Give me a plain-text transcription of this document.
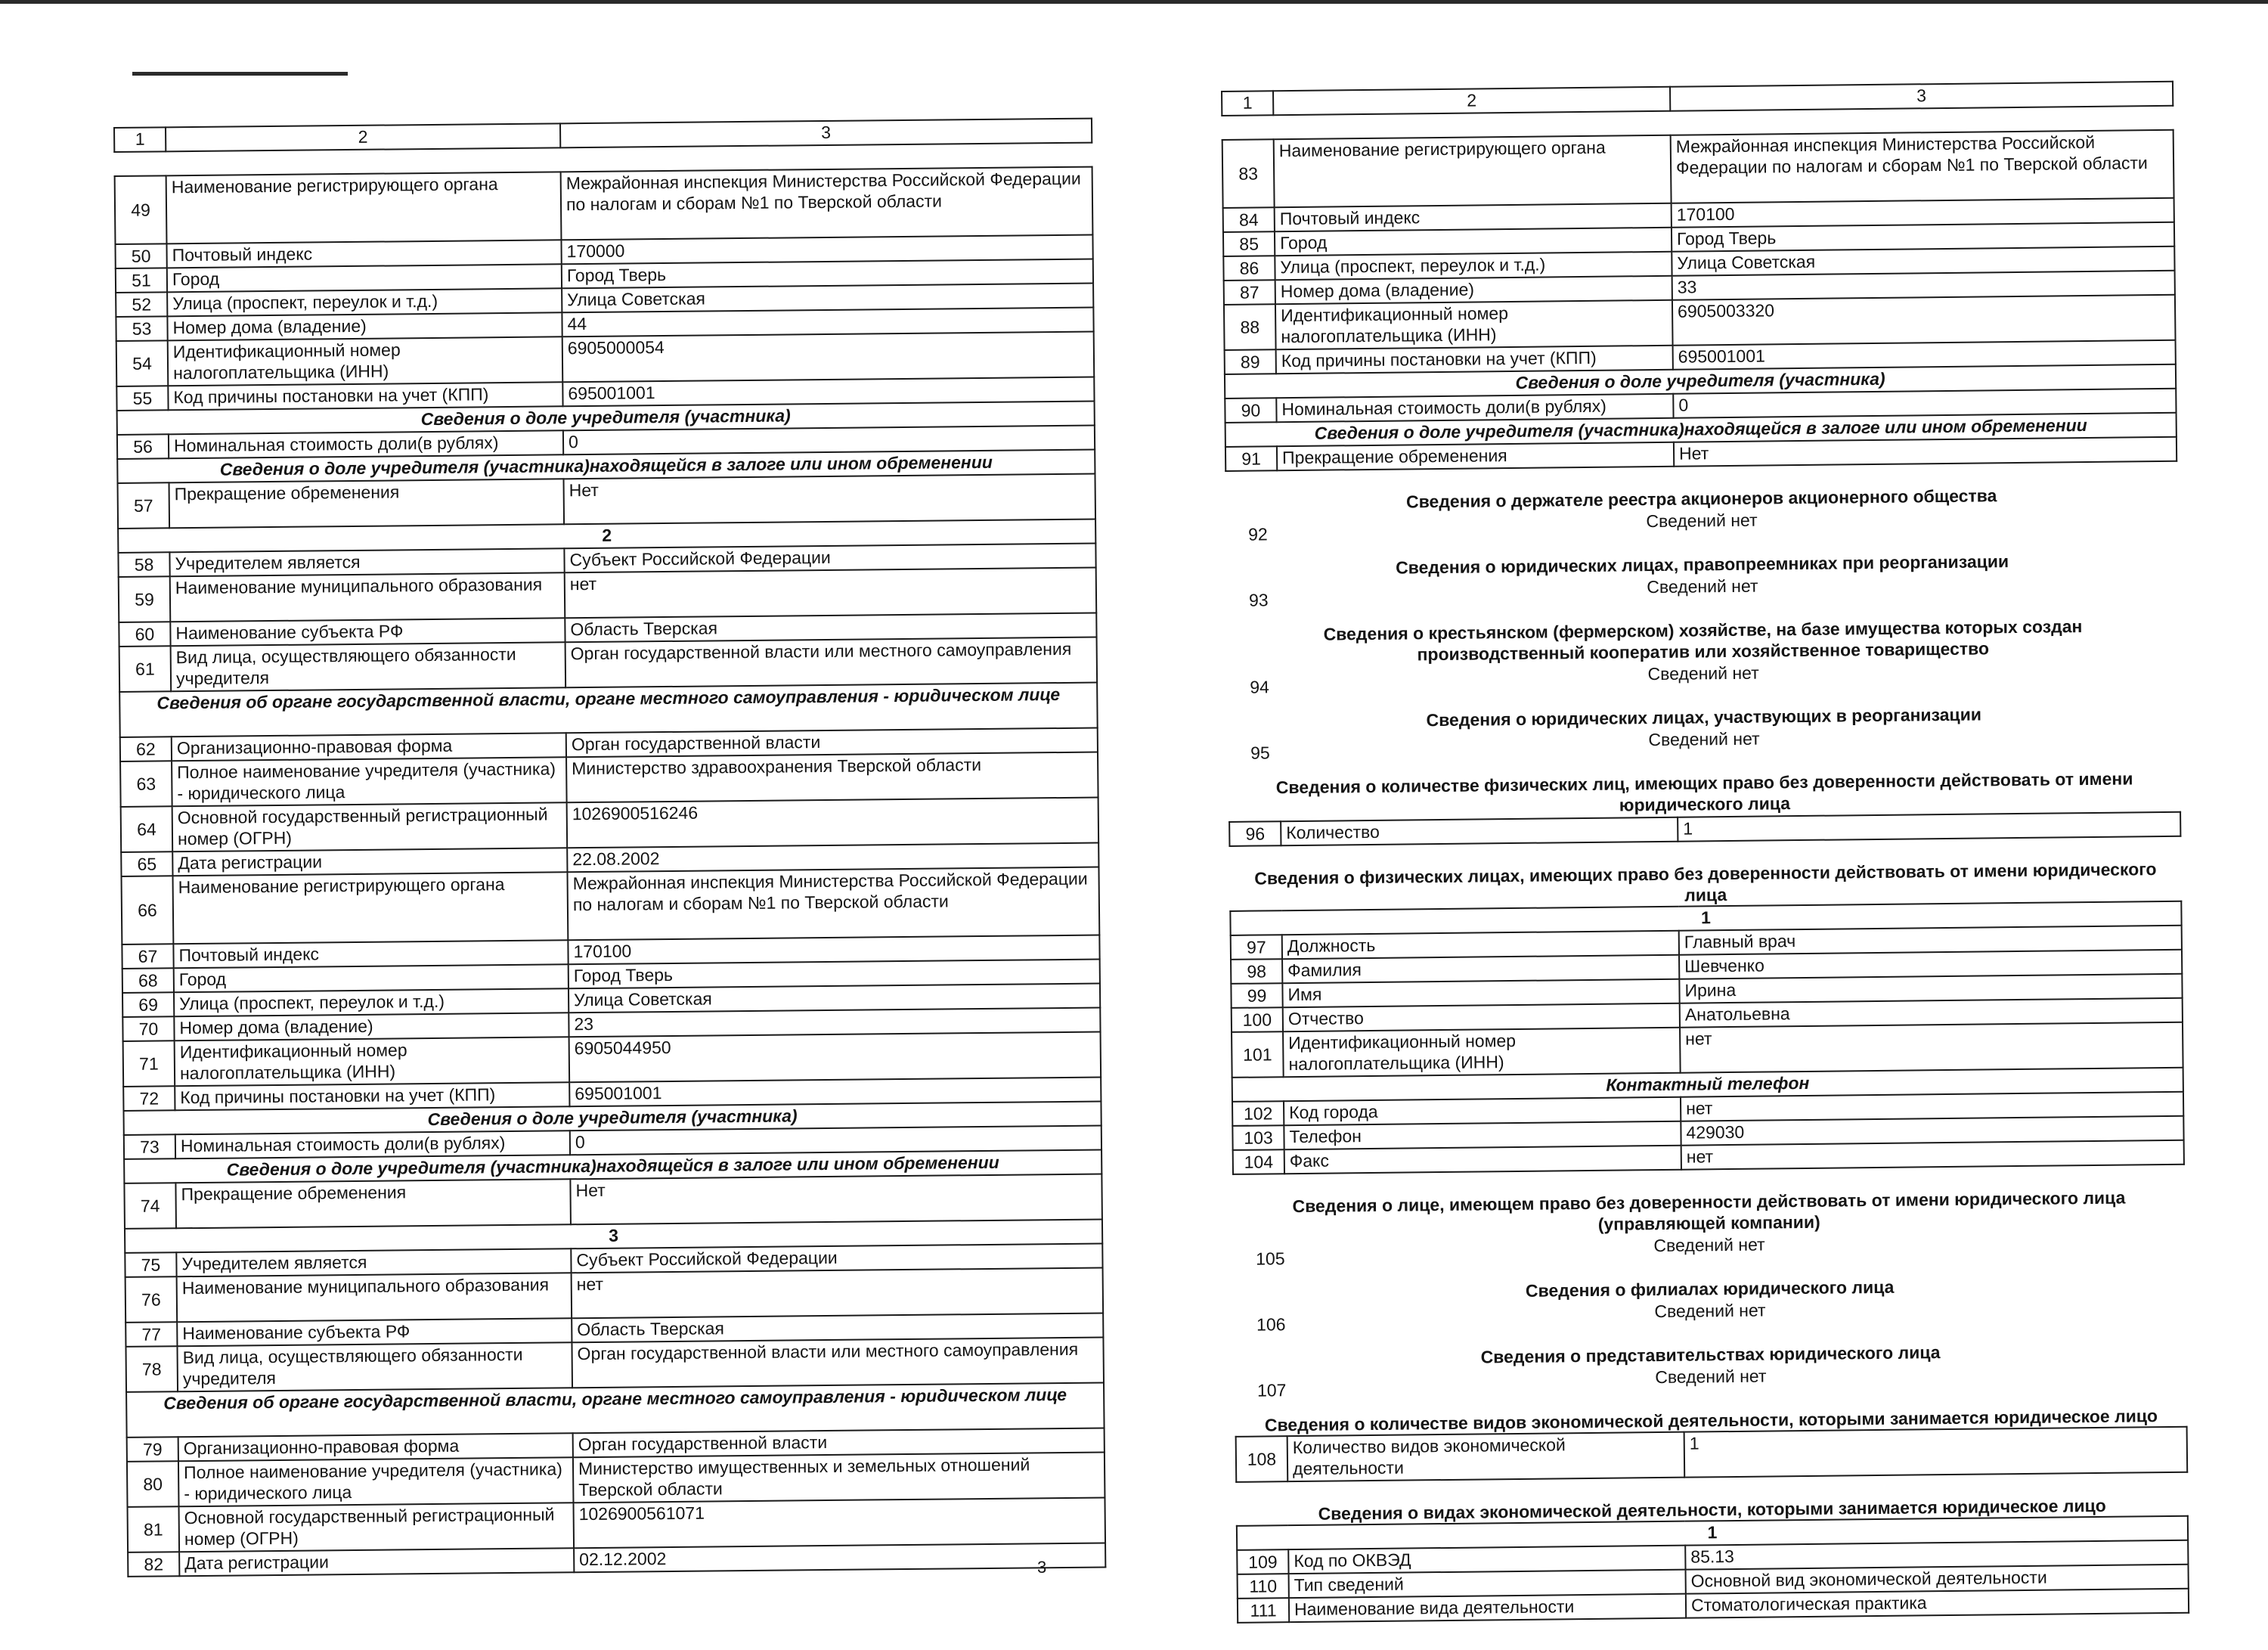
1	2	3
49	Наименование регистрирующего органа	Межрайонная инспекция Министерства Российской Федерации по налогам и сборам №1 по Тверской области
50	Почтовый индекс	170000
51	Город	Город Тверь
52	Улица (проспект, переулок и т.д.)	Улица Советская
53	Номер дома (владение)	44
54	Идентификационный номер налогоплательщика (ИНН)	6905000054
55	Код причины постановки на учет (КПП)	695001001
Сведения о доле учредителя (участника)		
56	Номинальная стоимость доли(в рублях)	0
Сведения о доле учредителя (участника)находящейся в залоге или ином обременении		
57	Прекращение обременения	Нет
2		
58	Учредителем является	Субъект Российской Федерации
59	Наименование муниципального образования	нет
60	Наименование субъекта РФ	Область Тверская
61	Вид лица, осуществляющего обязанности учредителя	Орган государственной власти или местного самоуправления
Сведения об органе государственной власти, органе местного самоуправления - юридическом лице		
62	Организационно-правовая форма	Орган государственной власти
63	Полное наименование учредителя (участника) - юридического лица	Министерство здравоохранения Тверской области
64	Основной государственный регистрационный номер (ОГРН)	1026900516246
65	Дата регистрации	22.08.2002
66	Наименование регистрирующего органа	Межрайонная инспекция Министерства Российской Федерации по налогам и сборам №1 по Тверской области
67	Почтовый индекс	170100
68	Город	Город Тверь
69	Улица (проспект, переулок и т.д.)	Улица Советская
70	Номер дома (владение)	23
71	Идентификационный номер налогоплательщика (ИНН)	6905044950
72	Код причины постановки на учет (КПП)	695001001
Сведения о доле учредителя (участника)		
73	Номинальная стоимость доли(в рублях)	0
Сведения о доле учредителя (участника)находящейся в залоге или ином обременении		
74	Прекращение обременения	Нет
3		
75	Учредителем является	Субъект Российской Федерации
76	Наименование муниципального образования	нет
77	Наименование субъекта РФ	Область Тверская
78	Вид лица, осуществляющего обязанности учредителя	Орган государственной власти или местного самоуправления
Сведения об органе государственной власти, органе местного самоуправления - юридическом лице		
79	Организационно-правовая форма	Орган государственной власти
80	Полное наименование учредителя (участника) - юридического лица	Министерство имущественных и земельных отношений Тверской области
81	Основной государственный регистрационный номер (ОГРН)	1026900561071
82	Дата регистрации	02.12.2002	3
1	2	3
83	Наименование регистрирующего органа	Межрайонная инспекция Министерства Российской Федерации по налогам и сборам №1 по Тверской области
84	Почтовый индекс	170100
85	Город	Город Тверь
86	Улица (проспект, переулок и т.д.)	Улица Советская
87	Номер дома (владение)	33
88	Идентификационный номер налогоплательщика (ИНН)	6905003320
89	Код причины постановки на учет (КПП)	695001001
Сведения о доле учредителя (участника)		
90	Номинальная стоимость доли(в рублях)	0
Сведения о доле учредителя (участника)находящейся в залоге или ином обременении		
91	Прекращение обременения	Нет
Сведения о держателе реестра акционеров акционерного общества
92
Сведений нет
Сведения о юридических лицах, правопреемниках при реорганизации
93
Сведений нет
Сведения о крестьянском (фермерском) хозяйстве, на базе имущества которых создан производственный кооператив или хозяйственное товарищество
94
Сведений нет
Сведения о юридических лицах, участвующих в реорганизации
95
Сведений нет
Сведения о количестве физических лиц, имеющих право без доверенности действовать от имени юридического лица
96	Количество	1
Сведения о физических лицах, имеющих право без доверенности действовать от имени юридического лица
1		
97	Должность	Главный врач
98	Фамилия	Шевченко
99	Имя	Ирина
100	Отчество	Анатольевна
101	Идентификационный номер налогоплательщика (ИНН)	нет
Контактный телефон		
102	Код города	нет
103	Телефон	429030
104	Факс	нет
Сведения о лице, имеющем право без доверенности действовать от имени юридического лица (управляющей компании)
105
Сведений нет
Сведения о филиалах юридического лица
106
Сведений нет
Сведения о представительствах юридического лица
107
Сведений нет
Сведения о количестве видов экономической деятельности, которыми занимается юридическое лицо
108	Количество видов экономической деятельности	1
Сведения о видах экономической деятельности, которыми занимается юридическое лицо
1		
109	Код по ОКВЭД	85.13
110	Тип сведений	Основной вид экономической деятельности
111	Наименование вида деятельности	Стоматологическая практика
